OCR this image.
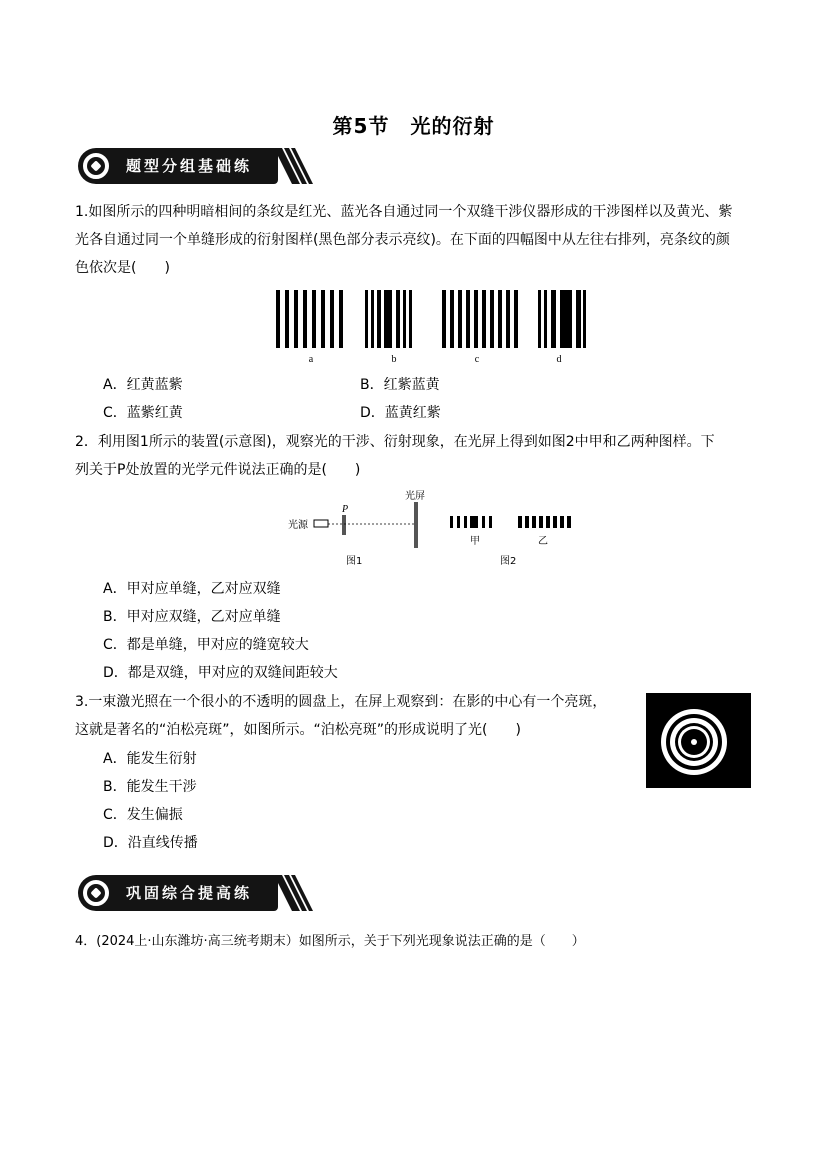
第5节　光的衍射
题型分组基础练
1.如图所示的四种明暗相间的条纹是红光、蓝光各自通过同一个双缝干涉仪器形成的干涉图样以及黄光、紫
光各自通过同一个单缝形成的衍射图样(黑色部分表示亮纹)。在下面的四幅图中从左往右排列，亮条纹的颜
色依次是(　　)
a	b	c	d
A．红黄蓝紫	B．红紫蓝黄
C．蓝紫红黄	D．蓝黄红紫
2．利用图1所示的装置(示意图)，观察光的干涉、衍射现象，在光屏上得到如图2中甲和乙两种图样。下
列关于P处放置的光学元件说法正确的是(　　)
光源
P
光屏
图1
甲	乙
图2
A．甲对应单缝，乙对应双缝
B．甲对应双缝，乙对应单缝
C．都是单缝，甲对应的缝宽较大
D．都是双缝，甲对应的双缝间距较大
3.一束激光照在一个很小的不透明的圆盘上，在屏上观察到：在影的中心有一个亮斑，
这就是著名的“泊松亮斑”，如图所示。“泊松亮斑”的形成说明了光(　　)
A．能发生衍射
B．能发生干涉
C．发生偏振
D．沿直线传播
巩固综合提高练
4．(2024上·山东潍坊·高三统考期末）如图所示，关于下列光现象说法正确的是（　　）
